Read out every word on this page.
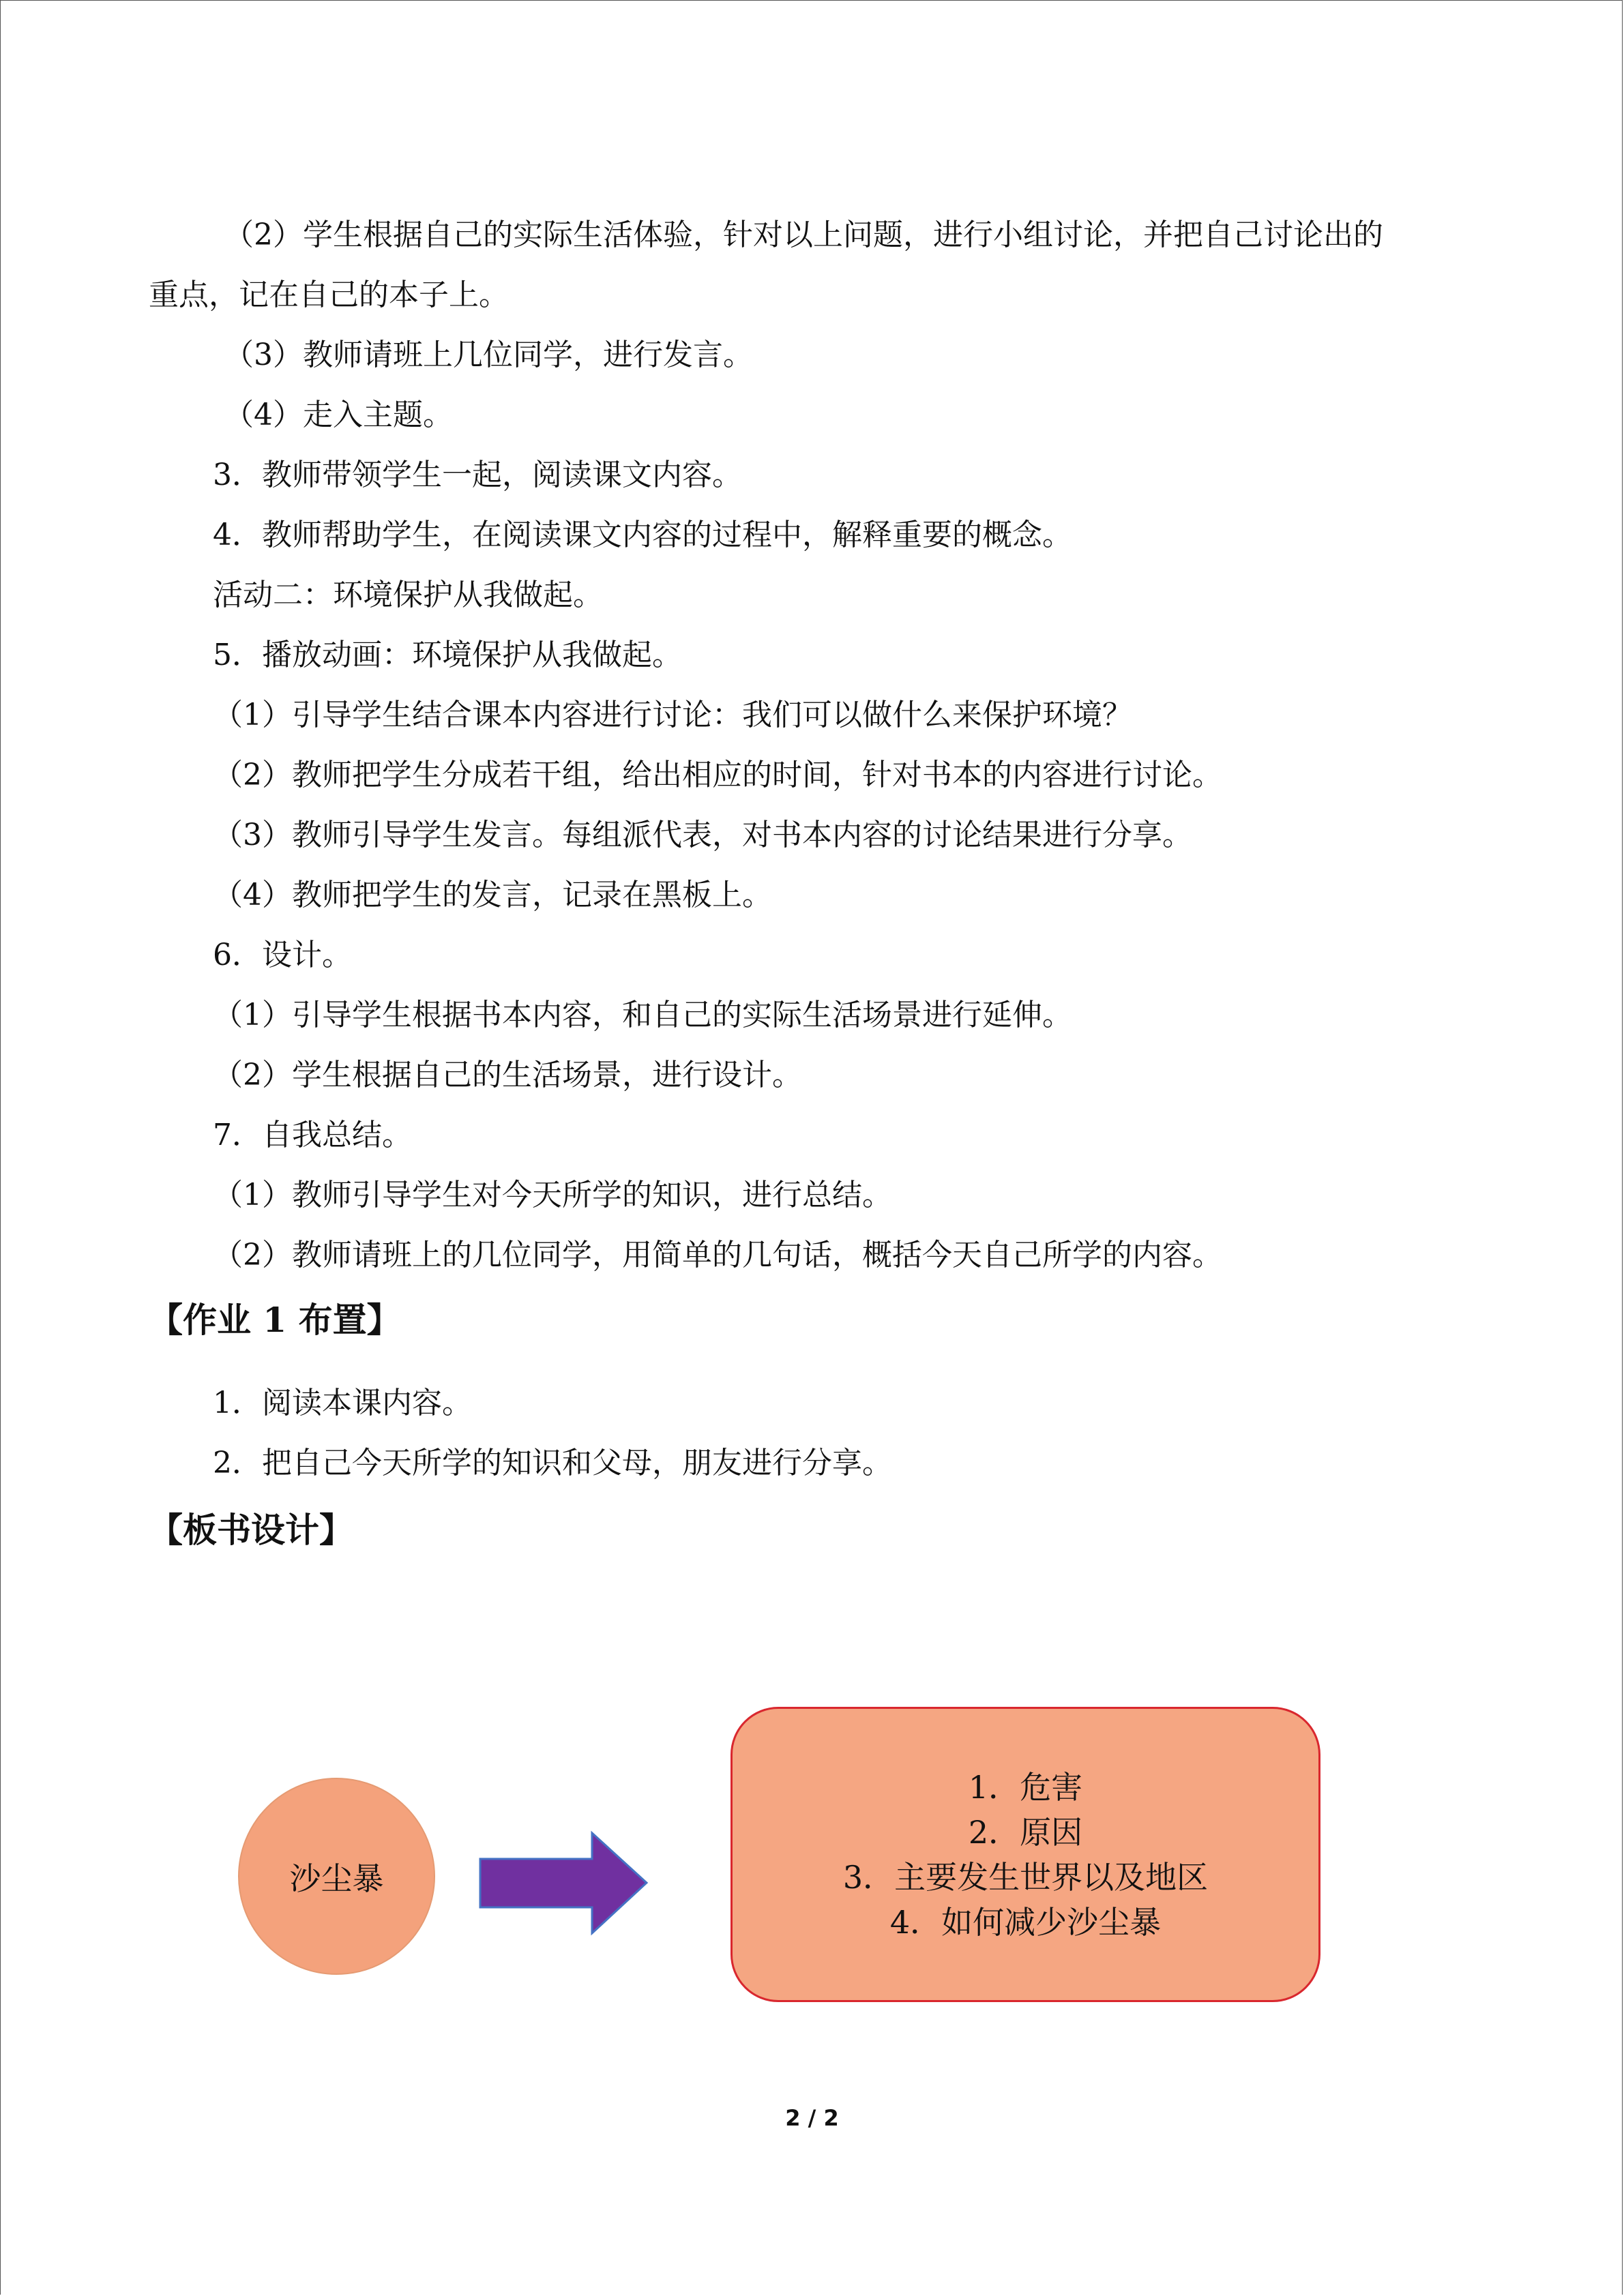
（2）学生根据自己的实际生活体验，针对以上问题，进行小组讨论，并把自己讨论出的
重点，记在自己的本子上。
（3）教师请班上几位同学，进行发言。
（4）走入主题。
3．教师带领学生一起，阅读课文内容。
4．教师帮助学生，在阅读课文内容的过程中，解释重要的概念。
活动二：环境保护从我做起。
5．播放动画：环境保护从我做起。
（1）引导学生结合课本内容进行讨论：我们可以做什么来保护环境？
（2）教师把学生分成若干组，给出相应的时间，针对书本的内容进行讨论。
（3）教师引导学生发言。每组派代表，对书本内容的讨论结果进行分享。
（4）教师把学生的发言，记录在黑板上。
6．设计。
（1）引导学生根据书本内容，和自己的实际生活场景进行延伸。
（2）学生根据自己的生活场景，进行设计。
7．自我总结。
（1）教师引导学生对今天所学的知识，进行总结。
（2）教师请班上的几位同学，用简单的几句话，概括今天自己所学的内容。
【作业 1 布置】
1．阅读本课内容。
2．把自己今天所学的知识和父母，朋友进行分享。
【板书设计】
沙尘暴
1．危害
2．原因
3．主要发生世界以及地区
4．如何减少沙尘暴
2 / 2
